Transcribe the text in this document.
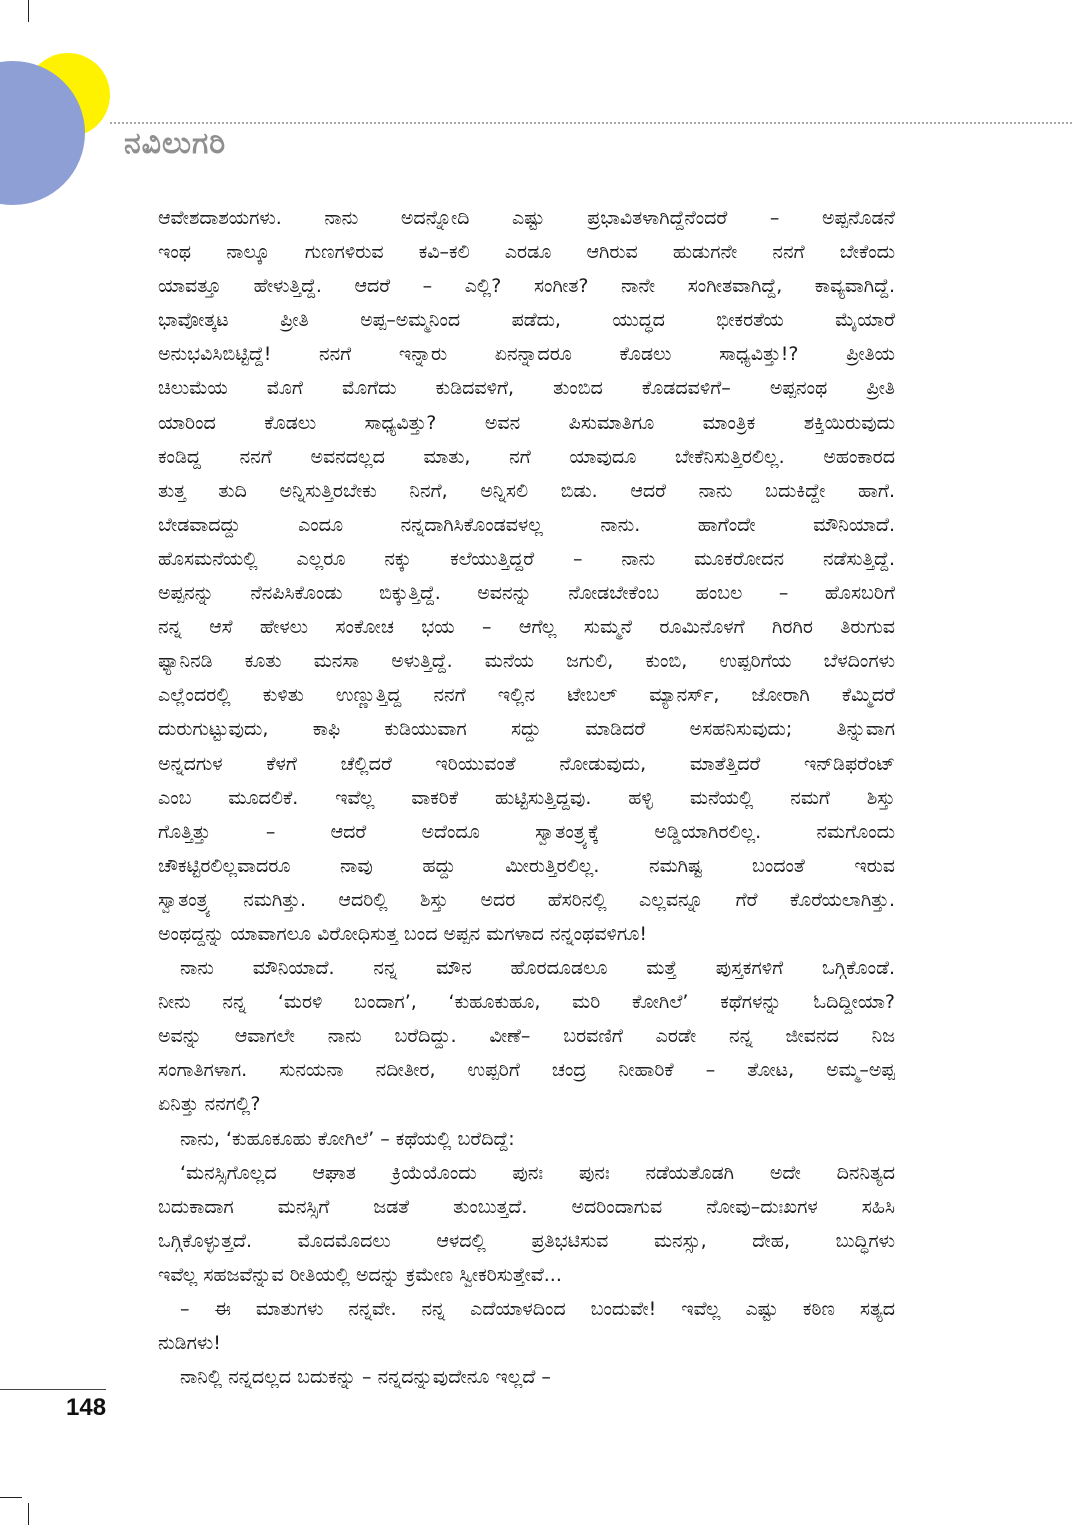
ನವಿಲುಗರಿ
ಆವೇಶದಾಶಯಗಳು. ನಾನು ಅದನ್ನೋದಿ ಎಷ್ಟು ಪ್ರಭಾವಿತಳಾಗಿದ್ದೆನೆಂದರೆ – ಅಪ್ಪನೊಡನೆ
ಇಂಥ ನಾಲ್ಕೂ ಗುಣಗಳಿರುವ ಕವಿ–ಕಲಿ ಎರಡೂ ಆಗಿರುವ ಹುಡುಗನೇ ನನಗೆ ಬೇಕೆಂದು
ಯಾವತ್ತೂ ಹೇಳುತ್ತಿದ್ದೆ. ಆದರೆ – ಎಲ್ಲಿ? ಸಂಗೀತ? ನಾನೇ ಸಂಗೀತವಾಗಿದ್ದೆ, ಕಾವ್ಯವಾಗಿದ್ದೆ.
ಭಾವೋತ್ಕಟ ಪ್ರೀತಿ ಅಪ್ಪ–ಅಮ್ಮನಿಂದ ಪಡೆದು, ಯುದ್ಧದ ಭೀಕರತೆಯ ಮೈಯಾರೆ
ಅನುಭವಿಸಿಬಿಟ್ಟಿದ್ದೆ! ನನಗೆ ಇನ್ನಾರು ಏನನ್ನಾದರೂ ಕೊಡಲು ಸಾಧ್ಯವಿತ್ತು!? ಪ್ರೀತಿಯ
ಚಿಲುಮೆಯ ಮೊಗೆ ಮೊಗೆದು ಕುಡಿದವಳಿಗೆ, ತುಂಬಿದ ಕೊಡದವಳಿಗೆ– ಅಪ್ಪನಂಥ ಪ್ರೀತಿ
ಯಾರಿಂದ ಕೊಡಲು ಸಾಧ್ಯವಿತ್ತು? ಅವನ ಪಿಸುಮಾತಿಗೂ ಮಾಂತ್ರಿಕ ಶಕ್ತಿಯಿರುವುದು
ಕಂಡಿದ್ದ ನನಗೆ ಅವನದಲ್ಲದ ಮಾತು, ನಗೆ ಯಾವುದೂ ಬೇಕೆನಿಸುತ್ತಿರಲಿಲ್ಲ. ಅಹಂಕಾರದ
ತುತ್ತ ತುದಿ ಅನ್ನಿಸುತ್ತಿರಬೇಕು ನಿನಗೆ, ಅನ್ನಿಸಲಿ ಬಿಡು. ಆದರೆ ನಾನು ಬದುಕಿದ್ದೇ ಹಾಗೆ.
ಬೇಡವಾದದ್ದು ಎಂದೂ ನನ್ನದಾಗಿಸಿಕೊಂಡವಳಲ್ಲ ನಾನು. ಹಾಗೆಂದೇ ಮೌನಿಯಾದೆ.
ಹೊಸಮನೆಯಲ್ಲಿ ಎಲ್ಲರೂ ನಕ್ಕು ಕಲೆಯುತ್ತಿದ್ದರೆ – ನಾನು ಮೂಕರೋದನ ನಡೆಸುತ್ತಿದ್ದೆ.
ಅಪ್ಪನನ್ನು ನೆನಪಿಸಿಕೊಂಡು ಬಿಕ್ಕುತ್ತಿದ್ದೆ. ಅವನನ್ನು ನೋಡಬೇಕೆಂಬ ಹಂಬಲ – ಹೊಸಬರಿಗೆ
ನನ್ನ ಆಸೆ ಹೇಳಲು ಸಂಕೋಚ ಭಯ – ಆಗೆಲ್ಲ ಸುಮ್ಮನೆ ರೂಮಿನೊಳಗೆ ಗಿರಗಿರ ತಿರುಗುವ
ಫ್ಯಾನಿನಡಿ ಕೂತು ಮನಸಾ ಅಳುತ್ತಿದ್ದೆ. ಮನೆಯ ಜಗುಲಿ, ಕುಂಬಿ, ಉಪ್ಪರಿಗೆಯ ಬೆಳದಿಂಗಳು
ಎಲ್ಲೆಂದರಲ್ಲಿ ಕುಳಿತು ಉಣ್ಣುತ್ತಿದ್ದ ನನಗೆ ಇಲ್ಲಿನ ಟೇಬಲ್ ಮ್ಯಾನರ್ಸ್, ಜೋರಾಗಿ ಕೆಮ್ಮಿದರೆ
ದುರುಗುಟ್ಟುವುದು, ಕಾಫಿ ಕುಡಿಯುವಾಗ ಸದ್ದು ಮಾಡಿದರೆ ಅಸಹನಿಸುವುದು; ತಿನ್ನುವಾಗ
ಅನ್ನದಗುಳ ಕೆಳಗೆ ಚೆಲ್ಲಿದರೆ ಇರಿಯುವಂತೆ ನೋಡುವುದು, ಮಾತೆತ್ತಿದರೆ ಇನ್‌ಡಿಫರೆಂಟ್
ಎಂಬ ಮೂದಲಿಕೆ. ಇವೆಲ್ಲ ವಾಕರಿಕೆ ಹುಟ್ಟಿಸುತ್ತಿದ್ದವು. ಹಳ್ಳಿ ಮನೆಯಲ್ಲಿ ನಮಗೆ ಶಿಸ್ತು
ಗೊತ್ತಿತ್ತು – ಆದರೆ ಅದೆಂದೂ ಸ್ವಾತಂತ್ರ್ಯಕ್ಕೆ ಅಡ್ಡಿಯಾಗಿರಲಿಲ್ಲ. ನಮಗೊಂದು
ಚೌಕಟ್ಟಿರಲಿಲ್ಲವಾದರೂ ನಾವು ಹದ್ದು ಮೀರುತ್ತಿರಲಿಲ್ಲ. ನಮಗಿಷ್ಟ ಬಂದಂತೆ ಇರುವ
ಸ್ವಾತಂತ್ರ್ಯ ನಮಗಿತ್ತು. ಆದರಿಲ್ಲಿ ಶಿಸ್ತು ಅದರ ಹೆಸರಿನಲ್ಲಿ ಎಲ್ಲವನ್ನೂ ಗೆರೆ ಕೊರೆಯಲಾಗಿತ್ತು.
ಅಂಥದ್ದನ್ನು ಯಾವಾಗಲೂ ವಿರೋಧಿಸುತ್ತ ಬಂದ ಅಪ್ಪನ ಮಗಳಾದ ನನ್ನಂಥವಳಿಗೂ!
ನಾನು ಮೌನಿಯಾದೆ. ನನ್ನ ಮೌನ ಹೊರದೂಡಲೂ ಮತ್ತೆ ಪುಸ್ತಕಗಳಿಗೆ ಒಗ್ಗಿಕೊಂಡೆ.
ನೀನು ನನ್ನ ‘ಮರಳಿ ಬಂದಾಗ’, ‘ಕುಹೂಕುಹೂ, ಮರಿ ಕೋಗಿಲೆ’ ಕಥೆಗಳನ್ನು ಓದಿದ್ದೀಯಾ?
ಅವನ್ನು ಆವಾಗಲೇ ನಾನು ಬರೆದಿದ್ದು. ವೀಣೆ– ಬರವಣಿಗೆ ಎರಡೇ ನನ್ನ ಜೀವನದ ನಿಜ
ಸಂಗಾತಿಗಳಾಗ. ಸುನಯನಾ ನದೀತೀರ, ಉಪ್ಪರಿಗೆ ಚಂದ್ರ ನೀಹಾರಿಕೆ – ತೋಟ, ಅಮ್ಮ–ಅಪ್ಪ
ಏನಿತ್ತು ನನಗಲ್ಲಿ?
ನಾನು, ‘ಕುಹೂಕೂಹು ಕೋಗಿಲೆ’ – ಕಥೆಯಲ್ಲಿ ಬರೆದಿದ್ದೆ:
‘ಮನಸ್ಸಿಗೊಲ್ಲದ ಆಘಾತ ಕ್ರಿಯೆಯೊಂದು ಪುನಃ ಪುನಃ ನಡೆಯತೊಡಗಿ ಅದೇ ದಿನನಿತ್ಯದ
ಬದುಕಾದಾಗ ಮನಸ್ಸಿಗೆ ಜಡತೆ ತುಂಬುತ್ತದೆ. ಅದರಿಂದಾಗುವ ನೋವು–ದುಃಖಗಳ ಸಹಿಸಿ
ಒಗ್ಗಿಕೊಳ್ಳುತ್ತದೆ. ಮೊದಮೊದಲು ಆಳದಲ್ಲಿ ಪ್ರತಿಭಟಿಸುವ ಮನಸ್ಸು, ದೇಹ, ಬುದ್ಧಿಗಳು
ಇವೆಲ್ಲ ಸಹಜವೆನ್ನುವ ರೀತಿಯಲ್ಲಿ ಅದನ್ನು ಕ್ರಮೇಣ ಸ್ವೀಕರಿಸುತ್ತೇವೆ...
– ಈ ಮಾತುಗಳು ನನ್ನವೇ. ನನ್ನ ಎದೆಯಾಳದಿಂದ ಬಂದುವೇ! ಇವೆಲ್ಲ ಎಷ್ಟು ಕಠಿಣ ಸತ್ಯದ
ನುಡಿಗಳು!
ನಾನಿಲ್ಲಿ ನನ್ನದಲ್ಲದ ಬದುಕನ್ನು – ನನ್ನದನ್ನುವುದೇನೂ ಇಲ್ಲದೆ –
148
